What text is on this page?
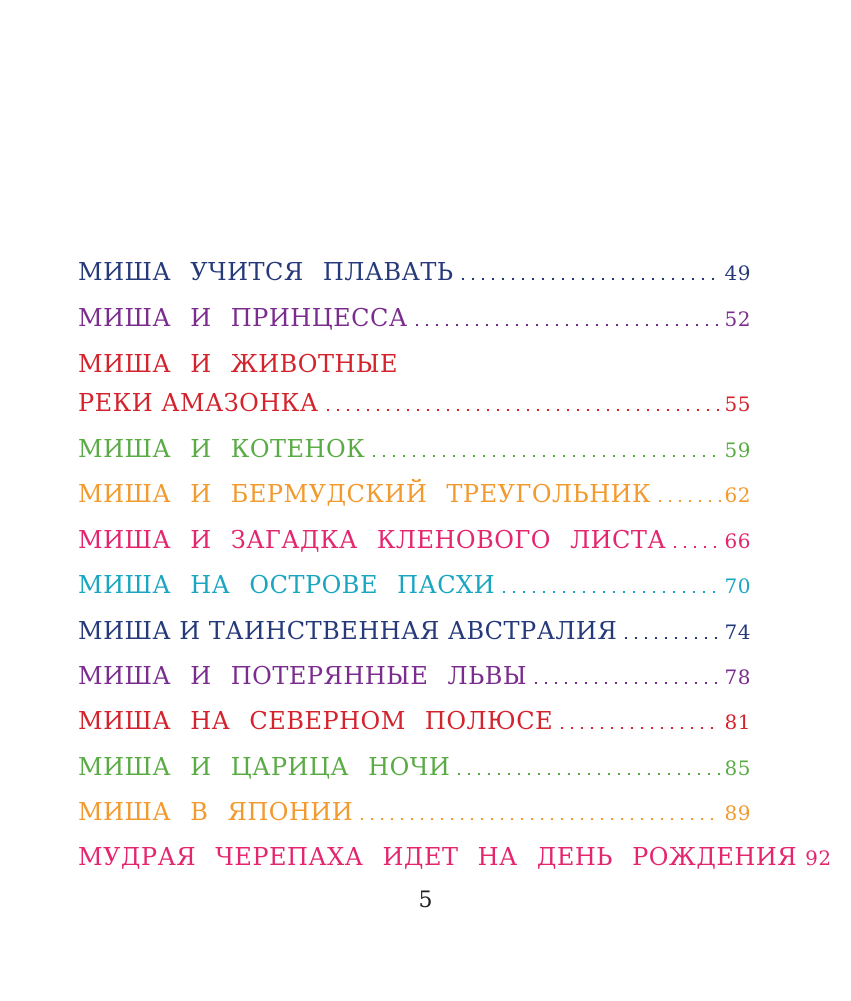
МИША УЧИТСЯ ПЛАВАТЬ	49
МИША И ПРИНЦЕССА	52
МИША И ЖИВОТНЫЕ
РЕКИ АМАЗОНКА	55
МИША И КОТЕНОК	59
МИША И БЕРМУДСКИЙ ТРЕУГОЛЬНИК	62
МИША И ЗАГАДКА КЛЕНОВОГО ЛИСТА	66
МИША НА ОСТРОВЕ ПАСХИ	70
МИША И ТАИНСТВЕННАЯ АВСТРАЛИЯ	74
МИША И ПОТЕРЯННЫЕ ЛЬВЫ	78
МИША НА СЕВЕРНОМ ПОЛЮСЕ	81
МИША И ЦАРИЦА НОЧИ	85
МИША В ЯПОНИИ	89
МУДРАЯ ЧЕРЕПАХА ИДЕТ НА ДЕНЬ РОЖДЕНИЯ 92
5
